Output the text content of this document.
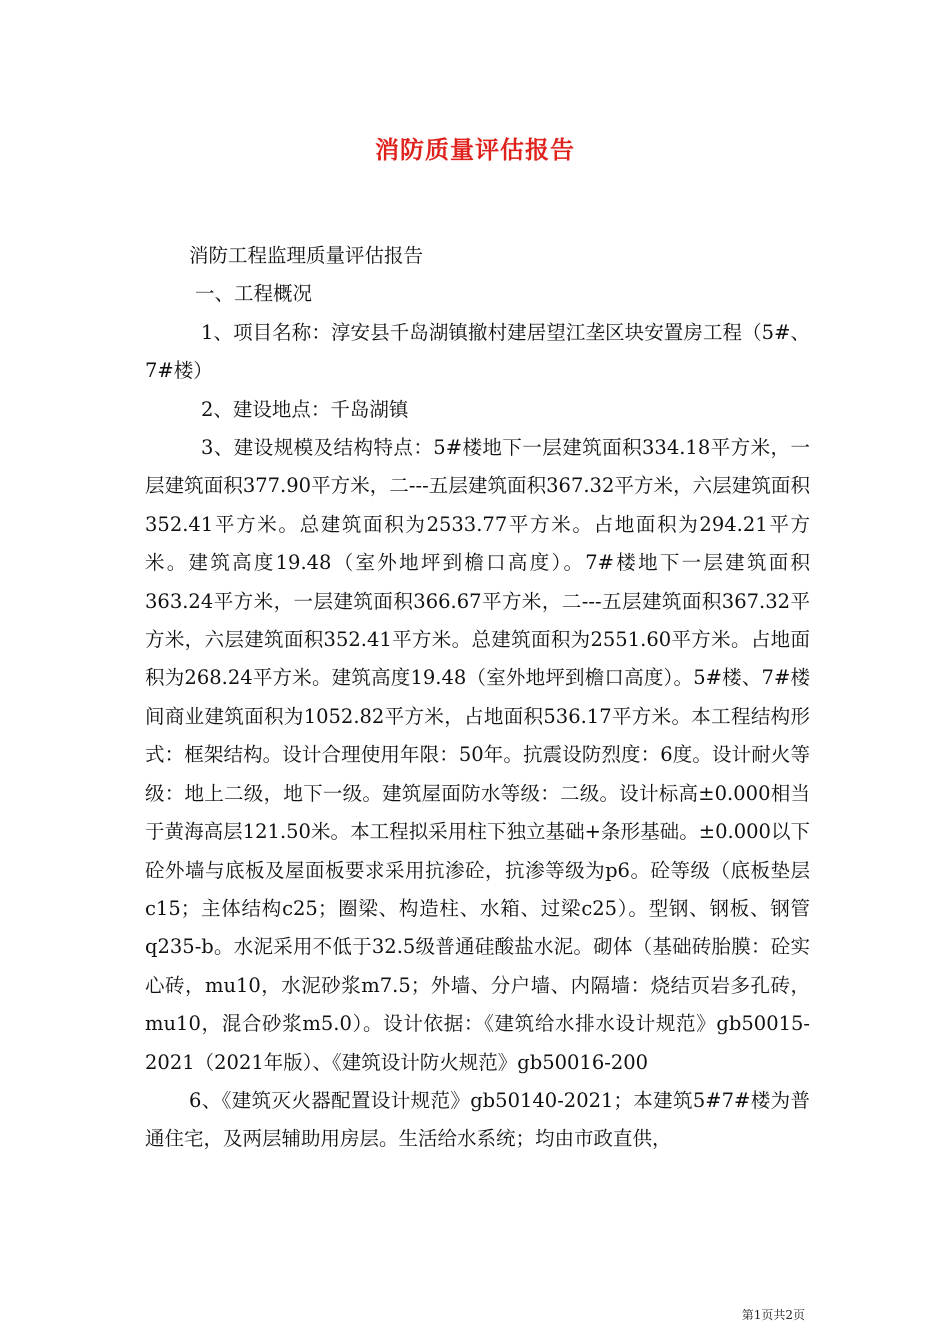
消防质量评估报告

消防工程监理质量评估报告

一、工程概况

1、项目名称：淳安县千岛湖镇撤村建居望江垄区块安置房工程（5#、7#楼）

2、建设地点：千岛湖镇

3、建设规模及结构特点：5#楼地下一层建筑面积334.18平方米，一层建筑面积377.90平方米，二---五层建筑面积367.32平方米，六层建筑面积352.41平方米。总建筑面积为2533.77平方米。占地面积为294.21平方米。建筑高度19.48（室外地坪到檐口高度）。7#楼地下一层建筑面积363.24平方米，一层建筑面积366.67平方米，二---五层建筑面积367.32平方米，六层建筑面积352.41平方米。总建筑面积为2551.60平方米。占地面积为268.24平方米。建筑高度19.48（室外地坪到檐口高度）。5#楼、7#楼间商业建筑面积为1052.82平方米，占地面积536.17平方米。本工程结构形式：框架结构。设计合理使用年限：50年。抗震设防烈度：6度。设计耐火等级：地上二级，地下一级。建筑屋面防水等级：二级。设计标高±0.000相当于黄海高层121.50米。本工程拟采用柱下独立基础+条形基础。±0.000以下砼外墙与底板及屋面板要求采用抗渗砼，抗渗等级为p6。砼等级（底板垫层c15；主体结构c25；圈梁、构造柱、水箱、过梁c25）。型钢、钢板、钢管q235-b。水泥采用不低于32.5级普通硅酸盐水泥。砌体（基础砖胎膜：砼实心砖，mu10，水泥砂浆m7.5；外墙、分户墙、内隔墙：烧结页岩多孔砖，mu10，混合砂浆m5.0）。设计依据：《建筑给水排水设计规范》gb50015-2021（2021年版）、《建筑设计防火规范》gb50016-200

6、《建筑灭火器配置设计规范》gb50140-2021；本建筑5#7#楼为普通住宅，及两层辅助用房层。生活给水系统；均由市政直供，

第1页共2页
